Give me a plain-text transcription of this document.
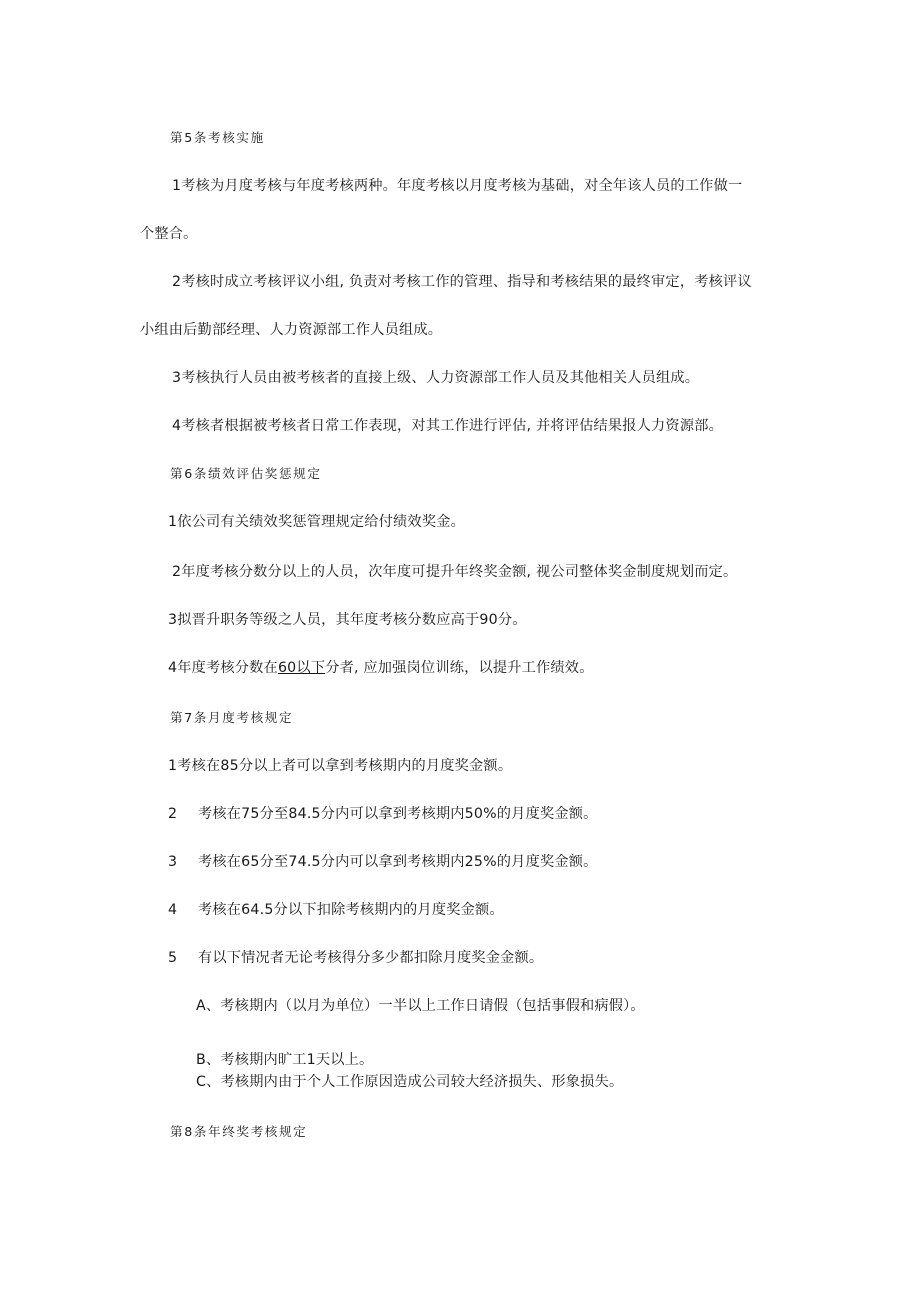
第5条考核实施
1考核为月度考核与年度考核两种。年度考核以月度考核为基础，对全年该人员的工作做一
个整合。
2考核时成立考核评议小组, 负责对考核工作的管理、指导和考核结果的最终审定，考核评议
小组由后勤部经理、人力资源部工作人员组成。
3考核执行人员由被考核者的直接上级、人力资源部工作人员及其他相关人员组成。
4考核者根据被考核者日常工作表现，对其工作进行评估, 并将评估结果报人力资源部。
第6条绩效评估奖惩规定
1依公司有关绩效奖惩管理规定给付绩效奖金。
2年度考核分数分以上的人员，次年度可提升年终奖金额, 视公司整体奖金制度规划而定。
3拟晋升职务等级之人员，其年度考核分数应高于90分。
4年度考核分数在60以下分者, 应加强岗位训练，以提升工作绩效。
第7条月度考核规定
1考核在85分以上者可以拿到考核期内的月度奖金额。
2 考核在75分至84.5分内可以拿到考核期内50%的月度奖金额。
3 考核在65分至74.5分内可以拿到考核期内25%的月度奖金额。
4 考核在64.5分以下扣除考核期内的月度奖金额。
5 有以下情况者无论考核得分多少都扣除月度奖金金额。
A、考核期内（以月为单位）一半以上工作日请假（包括事假和病假）。
B、考核期内旷工1天以上。
C、考核期内由于个人工作原因造成公司较大经济损失、形象损失。
第8条年终奖考核规定
